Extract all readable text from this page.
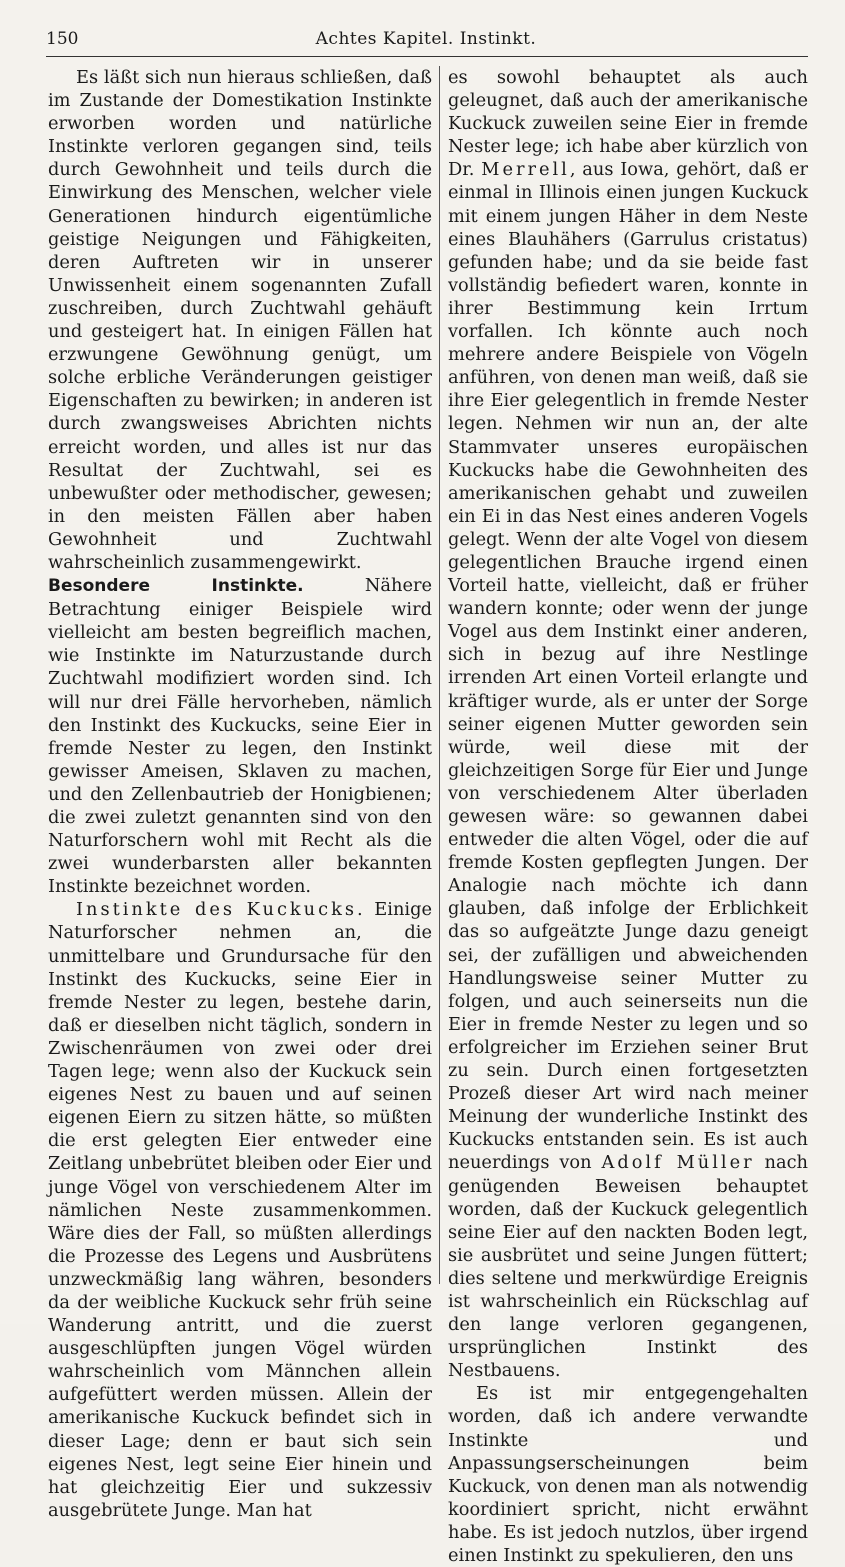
150	Achtes Kapitel. Instinkt.

Es läßt sich nun hieraus schließen, daß im Zustande der Domestikation Instinkte erworben worden und natürliche Instinkte verloren gegangen sind, teils durch Gewohnheit und teils durch die Einwirkung des Menschen, welcher viele Generationen hindurch eigentümliche geistige Neigungen und Fähigkeiten, deren Auftreten wir in unserer Unwissenheit einem sogenannten Zufall zuschreiben, durch Zuchtwahl gehäuft und gesteigert hat. In einigen Fällen hat erzwungene Gewöhnung genügt, um solche erbliche Veränderungen geistiger Eigenschaften zu bewirken; in anderen ist durch zwangsweises Abrichten nichts erreicht worden, und alles ist nur das Resultat der Zuchtwahl, sei es unbewußter oder methodischer, gewesen; in den meisten Fällen aber haben Gewohnheit und Zuchtwahl wahrscheinlich zusammengewirkt.

Besondere Instinkte. Nähere Betrachtung einiger Beispiele wird vielleicht am besten begreiflich machen, wie Instinkte im Naturzustande durch Zuchtwahl modifiziert worden sind. Ich will nur drei Fälle hervorheben, nämlich den Instinkt des Kuckucks, seine Eier in fremde Nester zu legen, den Instinkt gewisser Ameisen, Sklaven zu machen, und den Zellenbautrieb der Honigbienen; die zwei zuletzt genannten sind von den Naturforschern wohl mit Recht als die zwei wunderbarsten aller bekannten Instinkte bezeichnet worden.

Instinkte des Kuckucks. Einige Naturforscher nehmen an, die unmittelbare und Grundursache für den Instinkt des Kuckucks, seine Eier in fremde Nester zu legen, bestehe darin, daß er dieselben nicht täglich, sondern in Zwischenräumen von zwei oder drei Tagen lege; wenn also der Kuckuck sein eigenes Nest zu bauen und auf seinen eigenen Eiern zu sitzen hätte, so müßten die erst gelegten Eier entweder eine Zeitlang unbebrütet bleiben oder Eier und junge Vögel von verschiedenem Alter im nämlichen Neste zusammenkommen. Wäre dies der Fall, so müßten allerdings die Prozesse des Legens und Ausbrütens unzweckmäßig lang währen, besonders da der weibliche Kuckuck sehr früh seine Wanderung antritt, und die zuerst ausgeschlüpften jungen Vögel würden wahrscheinlich vom Männchen allein aufgefüttert werden müssen. Allein der amerikanische Kuckuck befindet sich in dieser Lage; denn er baut sich sein eigenes Nest, legt seine Eier hinein und hat gleichzeitig Eier und sukzessiv ausgebrütete Junge. Man hat

es sowohl behauptet als auch geleugnet, daß auch der amerikanische Kuckuck zuweilen seine Eier in fremde Nester lege; ich habe aber kürzlich von Dr. Merrell, aus Iowa, gehört, daß er einmal in Illinois einen jungen Kuckuck mit einem jungen Häher in dem Neste eines Blauhähers (Garrulus cristatus) gefunden habe; und da sie beide fast vollständig befiedert waren, konnte in ihrer Bestimmung kein Irrtum vorfallen. Ich könnte auch noch mehrere andere Beispiele von Vögeln anführen, von denen man weiß, daß sie ihre Eier gelegentlich in fremde Nester legen. Nehmen wir nun an, der alte Stammvater unseres europäischen Kuckucks habe die Gewohnheiten des amerikanischen gehabt und zuweilen ein Ei in das Nest eines anderen Vogels gelegt. Wenn der alte Vogel von diesem gelegentlichen Brauche irgend einen Vorteil hatte, vielleicht, daß er früher wandern konnte; oder wenn der junge Vogel aus dem Instinkt einer anderen, sich in bezug auf ihre Nestlinge irrenden Art einen Vorteil erlangte und kräftiger wurde, als er unter der Sorge seiner eigenen Mutter geworden sein würde, weil diese mit der gleichzeitigen Sorge für Eier und Junge von verschiedenem Alter überladen gewesen wäre: so gewannen dabei entweder die alten Vögel, oder die auf fremde Kosten gepflegten Jungen. Der Analogie nach möchte ich dann glauben, daß infolge der Erblichkeit das so aufgeätzte Junge dazu geneigt sei, der zufälligen und abweichenden Handlungsweise seiner Mutter zu folgen, und auch seinerseits nun die Eier in fremde Nester zu legen und so erfolgreicher im Erziehen seiner Brut zu sein. Durch einen fortgesetzten Prozeß dieser Art wird nach meiner Meinung der wunderliche Instinkt des Kuckucks entstanden sein. Es ist auch neuerdings von Adolf Müller nach genügenden Beweisen behauptet worden, daß der Kuckuck gelegentlich seine Eier auf den nackten Boden legt, sie ausbrütet und seine Jungen füttert; dies seltene und merkwürdige Ereignis ist wahrscheinlich ein Rückschlag auf den lange verloren gegangenen, ursprünglichen Instinkt des Nestbauens.

Es ist mir entgegengehalten worden, daß ich andere verwandte Instinkte und Anpassungserscheinungen beim Kuckuck, von denen man als notwendig koordiniert spricht, nicht erwähnt habe. Es ist jedoch nutzlos, über irgend einen Instinkt zu spekulieren, den uns
